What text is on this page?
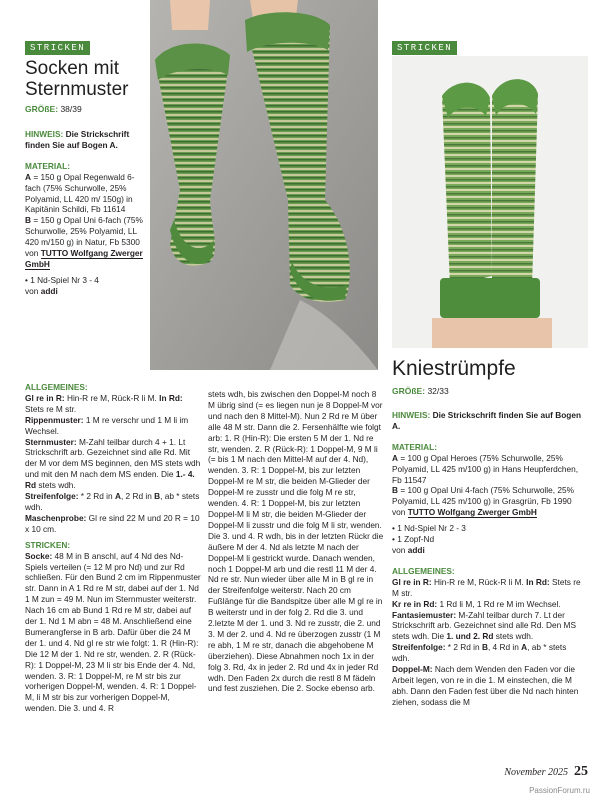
STRICKEN
Socken mit
Sternmuster
GRÖßE: 38/39

HINWEIS: Die Strickschrift finden Sie auf Bogen A.

MATERIAL:

A = 150 g Opal Regenwald 6-fach (75% Schurwolle, 25% Polyamid, LL 420 m/ 150g) in Kapitänin Schildi, Fb 11614

B = 150 g Opal Uni 6-fach (75% Schurwolle, 25% Polyamid, LL 420 m/150 g) in Natur, Fb 5300

von TUTTO Wolfgang Zwerger GmbH

• 1 Nd-Spiel Nr 3 - 4

von addi

STRICKEN
Kniestrümpfe
GRÖßE: 32/33

HINWEIS: Die Strickschrift finden Sie auf Bogen A.

MATERIAL:

A = 100 g Opal Heroes (75% Schurwolle, 25% Polyamid, LL 425 m/100 g) in Hans Heupferdchen, Fb 11547

B = 100 g Opal Uni 4-fach (75% Schurwolle, 25% Polyamid, LL 425 m/100 g) in Grasgrün, Fb 1990

von TUTTO Wolfgang Zwerger GmbH

• 1 Nd-Spiel Nr 2 - 3

• 1 Zopf-Nd

von addi

ALLGEMEINES:

Gl re in R: Hin-R re M, Rück-R li M. In Rd: Stets re M str.

Kr re in Rd: 1 Rd li M, 1 Rd re M im Wechsel.

Fantasiemuster: M-Zahl teilbar durch 7. Lt der Strickschrift arb. Gezeichnet sind alle Rd. Den MS stets wdh. Die 1. und 2. Rd stets wdh.

Streifenfolge: * 2 Rd in B, 4 Rd in A, ab * stets wdh.

Doppel-M: Nach dem Wenden den Faden vor die Arbeit legen, von re in die 1. M einstechen, die M abh. Dann den Faden fest über die Nd nach hinten ziehen, sodass die M

ALLGEMEINES:

Gl re in R: Hin-R re M, Rück-R li M. In Rd: Stets re M str.

Rippenmuster: 1 M re verschr und 1 M li im Wechsel.

Sternmuster: M-Zahl teilbar durch 4 + 1. Lt Strickschrift arb. Gezeichnet sind alle Rd. Mit der M vor dem MS beginnen, den MS stets wdh und mit den M nach dem MS enden. Die 1.- 4. Rd stets wdh.

Streifenfolge: * 2 Rd in A, 2 Rd in B, ab * stets wdh.

Maschenprobe: Gl re sind 22 M und 20 R = 10 x 10 cm.

STRICKEN:

Socke: 48 M in B anschl, auf 4 Nd des Nd-Spiels verteilen (= 12 M pro Nd) und zur Rd schließen. Für den Bund 2 cm im Rippenmuster str. Dann in A 1 Rd re M str, dabei auf der 1. Nd 1 M zun = 49 M. Nun im Sternmuster weiterstr. Nach 16 cm ab Bund 1 Rd re M str, dabei auf der 1. Nd 1 M abn = 48 M. Anschließend eine Bumerangferse in B arb. Dafür über die 24 M der 1. und 4. Nd gl re str wie folgt: 1. R (Hin-R): Die 12 M der 1. Nd re str, wenden. 2. R (Rück-R): 1 Doppel-M, 23 M li str bis Ende der 4. Nd, wenden. 3. R: 1 Doppel-M, re M str bis zur vorherigen Doppel-M, wenden. 4. R: 1 Doppel-M, li M str bis zur vorherigen Doppel-M, wenden. Die 3. und 4. R

stets wdh, bis zwischen den Doppel-M noch 8 M übrig sind (= es liegen nun je 8 Doppel-M vor und nach den 8 Mittel-M). Nun 2 Rd re M über alle 48 M str. Dann die 2. Fersenhälfte wie folgt arb: 1. R (Hin-R): Die ersten 5 M der 1. Nd re str, wenden. 2. R (Rück-R): 1 Doppel-M, 9 M li (= bis 1 M nach den Mittel-M auf der 4. Nd), wenden. 3. R: 1 Doppel-M, bis zur letzten Doppel-M re M str, die beiden M-Glieder der Doppel-M re zusstr und die folg M re str, wenden. 4. R: 1 Doppel-M, bis zur letzten Doppel-M li M str, die beiden M-Glieder der Doppel-M li zusstr und die folg M li str, wenden. Die 3. und 4. R wdh, bis in der letzten Rückr die äußere M der 4. Nd als letzte M nach der Doppel-M li gestrickt wurde. Danach wenden, noch 1 Doppel-M arb und die restl 11 M der 4. Nd re str. Nun wieder über alle M in B gl re in der Streifenfolge weiterstr. Nach 20 cm Fußlänge für die Bandspitze über alle M gl re in B weiterstr und in der folg 2. Rd die 3. und 2.letzte M der 1. und 3. Nd re zusstr, die 2. und 3. M der 2. und 4. Nd re überzogen zusstr (1 M re abh, 1 M re str, danach die abgehobene M überziehen). Diese Abnahmen noch 1x in der folg 3. Rd, 4x in jeder 2. Rd und 4x in jeder Rd wdh. Den Faden 2x durch die restl 8 M fädeln und fest zusziehen. Die 2. Socke ebenso arb.

November 2025 25
PassionForum.ru
